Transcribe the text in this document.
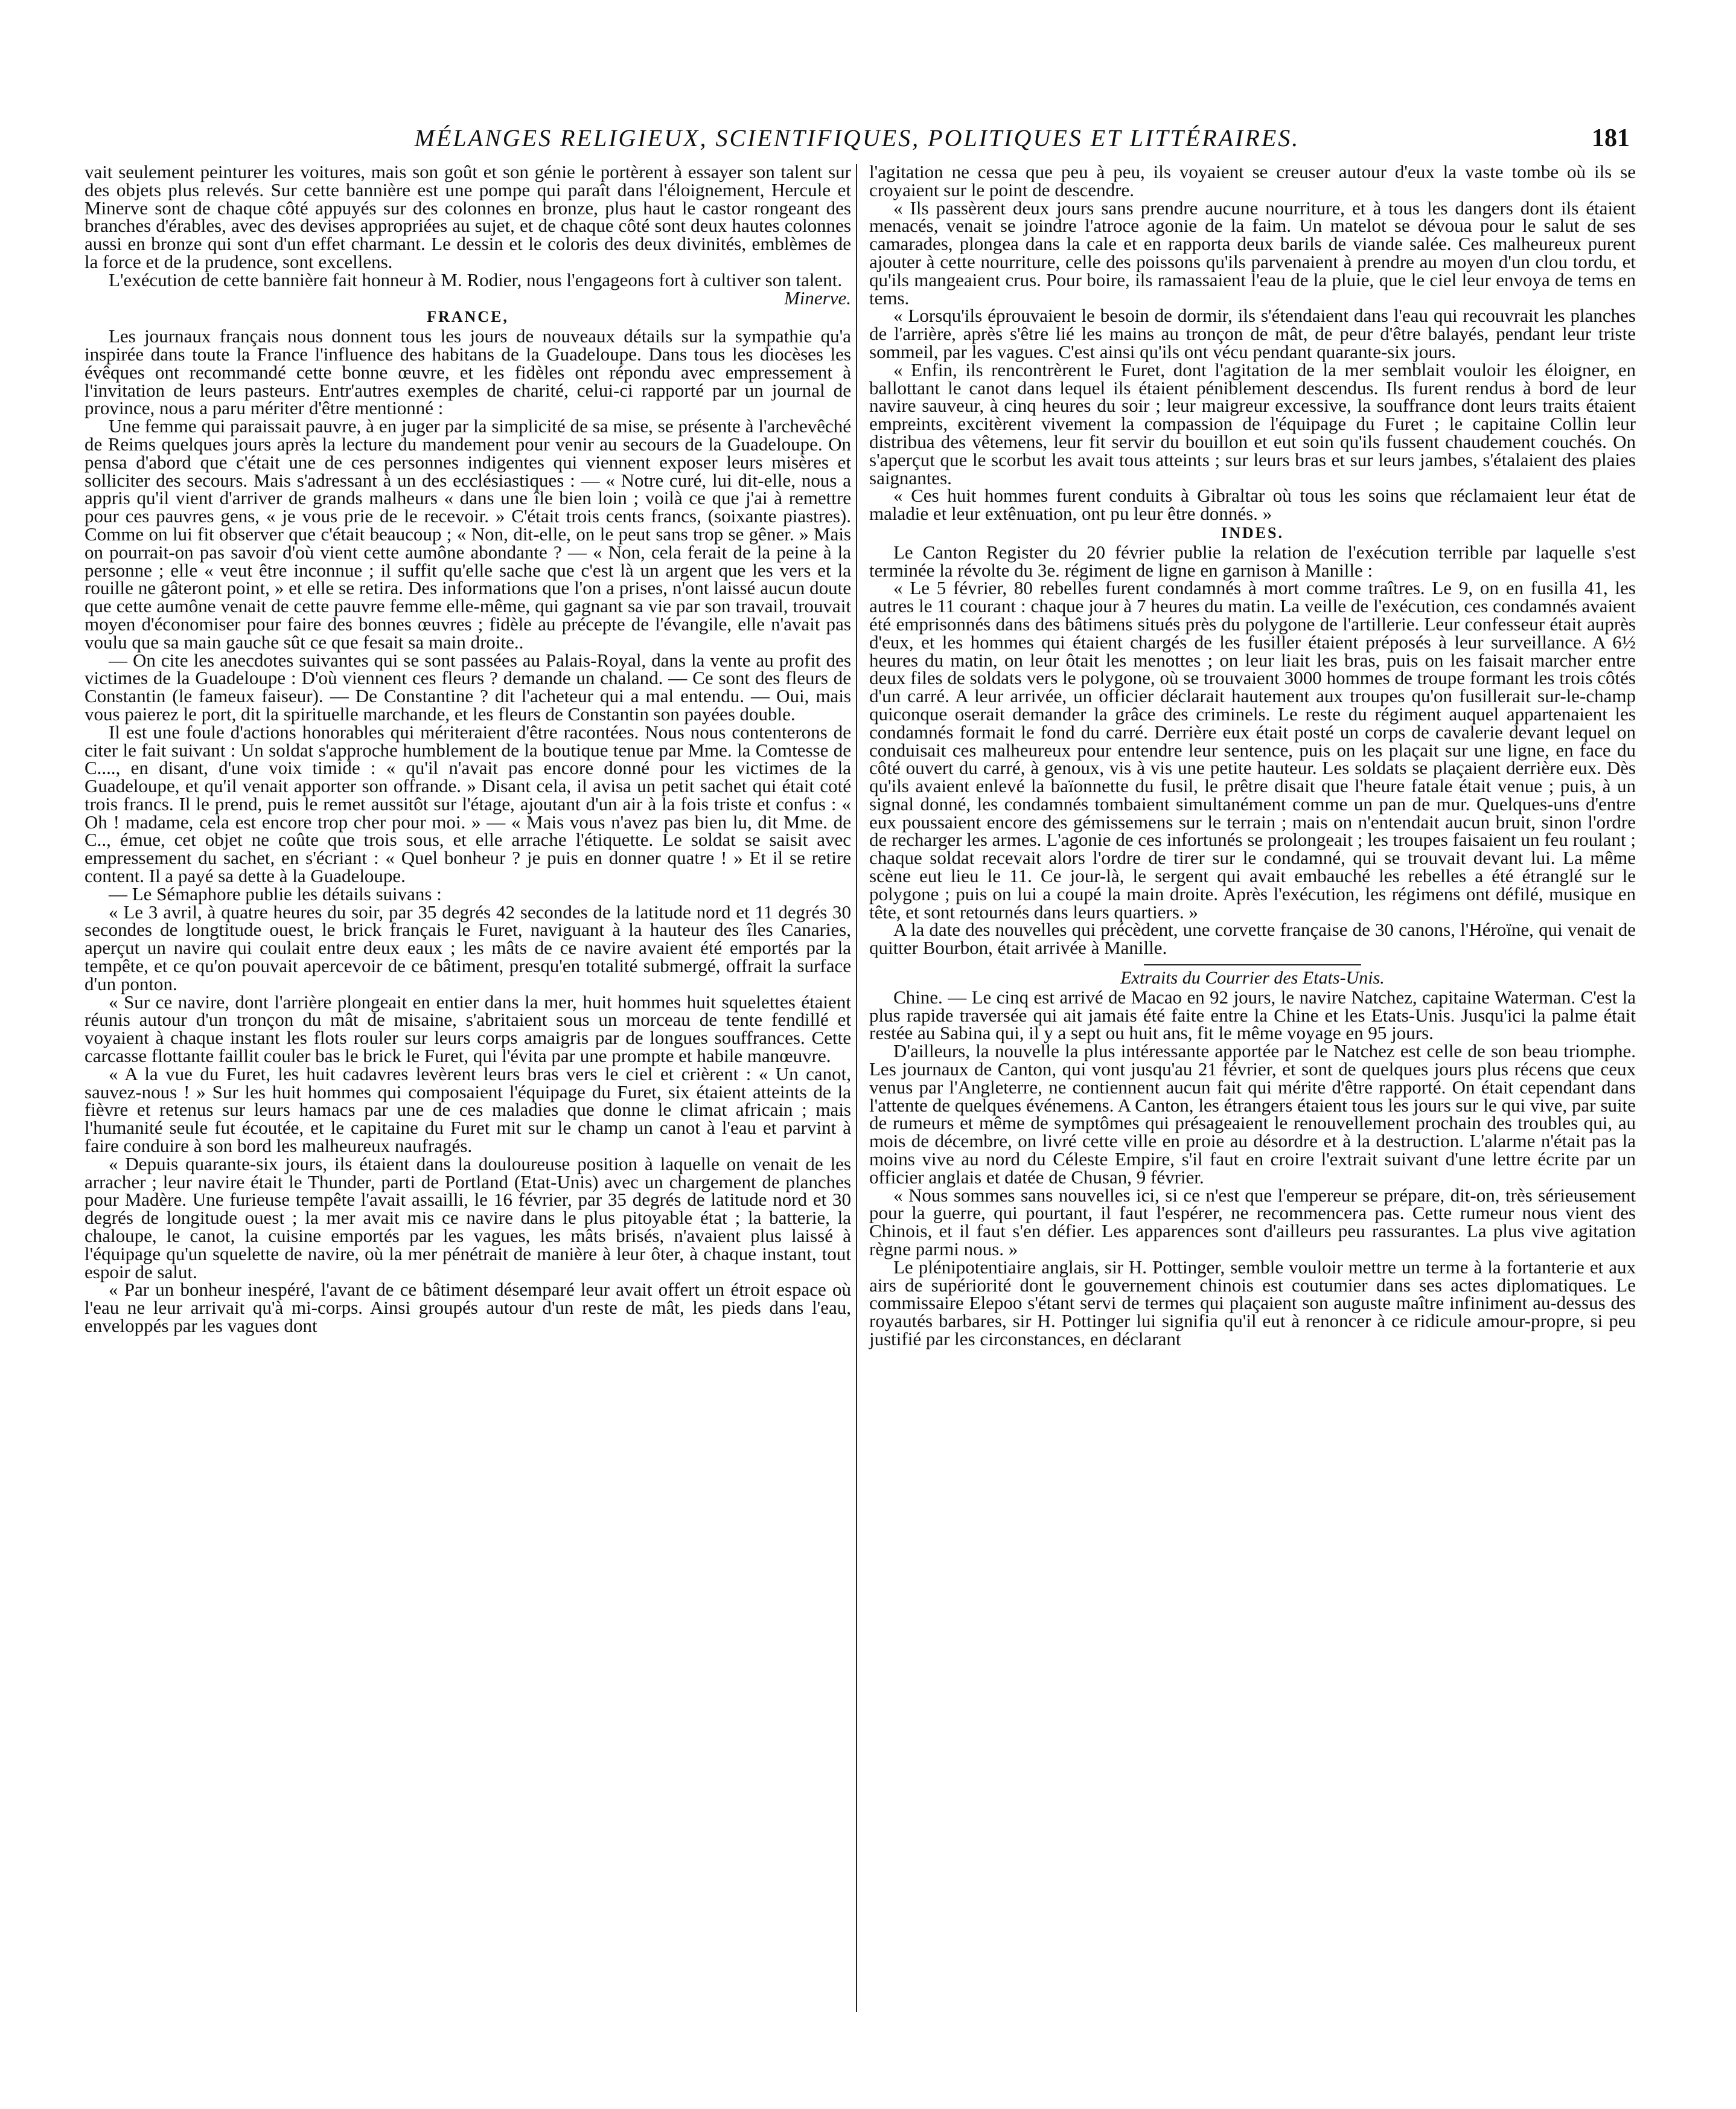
MÉLANGES RELIGIEUX, SCIENTIFIQUES, POLITIQUES ET LITTÉRAIRES.	181

vait seulement peinturer les voitures, mais son goût et son génie le portèrent à essayer son talent sur des objets plus relevés. Sur cette bannière est une pompe qui paraît dans l'éloignement, Hercule et Minerve sont de chaque côté appuyés sur des colonnes en bronze, plus haut le castor rongeant des branches d'érables, avec des devises appropriées au sujet, et de chaque côté sont deux hautes colonnes aussi en bronze qui sont d'un effet charmant. Le dessin et le coloris des deux divinités, emblèmes de la force et de la prudence, sont excellens.

L'exécution de cette bannière fait honneur à M. Rodier, nous l'engageons fort à cultiver son talent.

Minerve.

FRANCE,

Les journaux français nous donnent tous les jours de nouveaux détails sur la sympathie qu'a inspirée dans toute la France l'influence des habitans de la Guadeloupe. Dans tous les diocèses les évêques ont recommandé cette bonne œuvre, et les fidèles ont répondu avec empressement à l'invitation de leurs pasteurs. Entr'autres exemples de charité, celui-ci rapporté par un journal de province, nous a paru mériter d'être mentionné :

Une femme qui paraissait pauvre, à en juger par la simplicité de sa mise, se présente à l'archevêché de Reims quelques jours après la lecture du mandement pour venir au secours de la Guadeloupe. On pensa d'abord que c'était une de ces personnes indigentes qui viennent exposer leurs misères et solliciter des secours. Mais s'adressant à un des ecclésiastiques : — « Notre curé, lui dit-elle, nous a appris qu'il vient d'arriver de grands malheurs « dans une île bien loin ; voilà ce que j'ai à remettre pour ces pauvres gens, « je vous prie de le recevoir. » C'était trois cents francs, (soixante piastres). Comme on lui fit observer que c'était beaucoup ; « Non, dit-elle, on le peut sans trop se gêner. » Mais on pourrait-on pas savoir d'où vient cette aumône abondante ? — « Non, cela ferait de la peine à la personne ; elle « veut être inconnue ; il suffit qu'elle sache que c'est là un argent que les vers et la rouille ne gâteront point, » et elle se retira. Des informations que l'on a prises, n'ont laissé aucun doute que cette aumône venait de cette pauvre femme elle-même, qui gagnant sa vie par son travail, trouvait moyen d'économiser pour faire des bonnes œuvres ; fidèle au précepte de l'évangile, elle n'avait pas voulu que sa main gauche sût ce que fesait sa main droite..

— On cite les anecdotes suivantes qui se sont passées au Palais-Royal, dans la vente au profit des victimes de la Guadeloupe : D'où viennent ces fleurs ? demande un chaland. — Ce sont des fleurs de Constantin (le fameux faiseur). — De Constantine ? dit l'acheteur qui a mal entendu. — Oui, mais vous paierez le port, dit la spirituelle marchande, et les fleurs de Constantin son payées double.

Il est une foule d'actions honorables qui mériteraient d'être racontées. Nous nous contenterons de citer le fait suivant : Un soldat s'approche humblement de la boutique tenue par Mme. la Comtesse de C...., en disant, d'une voix timide : « qu'il n'avait pas encore donné pour les victimes de la Guadeloupe, et qu'il venait apporter son offrande. » Disant cela, il avisa un petit sachet qui était coté trois francs. Il le prend, puis le remet aussitôt sur l'étage, ajoutant d'un air à la fois triste et confus : « Oh ! madame, cela est encore trop cher pour moi. » — « Mais vous n'avez pas bien lu, dit Mme. de C.., émue, cet objet ne coûte que trois sous, et elle arrache l'étiquette. Le soldat se saisit avec empressement du sachet, en s'écriant : « Quel bonheur ? je puis en donner quatre ! » Et il se retire content. Il a payé sa dette à la Guadeloupe.

— Le Sémaphore publie les détails suivans :

« Le 3 avril, à quatre heures du soir, par 35 degrés 42 secondes de la latitude nord et 11 degrés 30 secondes de longtitude ouest, le brick français le Furet, naviguant à la hauteur des îles Canaries, aperçut un navire qui coulait entre deux eaux ; les mâts de ce navire avaient été emportés par la tempête, et ce qu'on pouvait apercevoir de ce bâtiment, presqu'en totalité submergé, offrait la surface d'un ponton.

« Sur ce navire, dont l'arrière plongeait en entier dans la mer, huit hommes huit squelettes étaient réunis autour d'un tronçon du mât de misaine, s'abritaient sous un morceau de tente fendillé et voyaient à chaque instant les flots rouler sur leurs corps amaigris par de longues souffrances. Cette carcasse flottante faillit couler bas le brick le Furet, qui l'évita par une prompte et habile manœuvre.

« A la vue du Furet, les huit cadavres levèrent leurs bras vers le ciel et crièrent : « Un canot, sauvez-nous ! » Sur les huit hommes qui composaient l'équipage du Furet, six étaient atteints de la fièvre et retenus sur leurs hamacs par une de ces maladies que donne le climat africain ; mais l'humanité seule fut écoutée, et le capitaine du Furet mit sur le champ un canot à l'eau et parvint à faire conduire à son bord les malheureux naufragés.

« Depuis quarante-six jours, ils étaient dans la douloureuse position à laquelle on venait de les arracher ; leur navire était le Thunder, parti de Portland (Etat-Unis) avec un chargement de planches pour Madère. Une furieuse tempête l'avait assailli, le 16 février, par 35 degrés de latitude nord et 30 degrés de longitude ouest ; la mer avait mis ce navire dans le plus pitoyable état ; la batterie, la chaloupe, le canot, la cuisine emportés par les vagues, les mâts brisés, n'avaient plus laissé à l'équipage qu'un squelette de navire, où la mer pénétrait de manière à leur ôter, à chaque instant, tout espoir de salut.

« Par un bonheur inespéré, l'avant de ce bâtiment désemparé leur avait offert un étroit espace où l'eau ne leur arrivait qu'à mi-corps. Ainsi groupés autour d'un reste de mât, les pieds dans l'eau, enveloppés par les vagues dont

l'agitation ne cessa que peu à peu, ils voyaient se creuser autour d'eux la vaste tombe où ils se croyaient sur le point de descendre.

« Ils passèrent deux jours sans prendre aucune nourriture, et à tous les dangers dont ils étaient menacés, venait se joindre l'atroce agonie de la faim. Un matelot se dévoua pour le salut de ses camarades, plongea dans la cale et en rapporta deux barils de viande salée. Ces malheureux purent ajouter à cette nourriture, celle des poissons qu'ils parvenaient à prendre au moyen d'un clou tordu, et qu'ils mangeaient crus. Pour boire, ils ramassaient l'eau de la pluie, que le ciel leur envoya de tems en tems.

« Lorsqu'ils éprouvaient le besoin de dormir, ils s'étendaient dans l'eau qui recouvrait les planches de l'arrière, après s'être lié les mains au tronçon de mât, de peur d'être balayés, pendant leur triste sommeil, par les vagues. C'est ainsi qu'ils ont vécu pendant quarante-six jours.

« Enfin, ils rencontrèrent le Furet, dont l'agitation de la mer semblait vouloir les éloigner, en ballottant le canot dans lequel ils étaient péniblement descendus. Ils furent rendus à bord de leur navire sauveur, à cinq heures du soir ; leur maigreur excessive, la souffrance dont leurs traits étaient empreints, excitèrent vivement la compassion de l'équipage du Furet ; le capitaine Collin leur distribua des vêtemens, leur fit servir du bouillon et eut soin qu'ils fussent chaudement couchés. On s'aperçut que le scorbut les avait tous atteints ; sur leurs bras et sur leurs jambes, s'étalaient des plaies saignantes.

« Ces huit hommes furent conduits à Gibraltar où tous les soins que réclamaient leur état de maladie et leur extênuation, ont pu leur être donnés. »

INDES.

Le Canton Register du 20 février publie la relation de l'exécution terrible par laquelle s'est terminée la révolte du 3e. régiment de ligne en garnison à Manille :

« Le 5 février, 80 rebelles furent condamnés à mort comme traîtres. Le 9, on en fusilla 41, les autres le 11 courant : chaque jour à 7 heures du matin. La veille de l'exécution, ces condamnés avaient été emprisonnés dans des bâtimens situés près du polygone de l'artillerie. Leur confesseur était auprès d'eux, et les hommes qui étaient chargés de les fusiller étaient préposés à leur surveillance. A 6½ heures du matin, on leur ôtait les menottes ; on leur liait les bras, puis on les faisait marcher entre deux files de soldats vers le polygone, où se trouvaient 3000 hommes de troupe formant les trois côtés d'un carré. A leur arrivée, un officier déclarait hautement aux troupes qu'on fusillerait sur-le-champ quiconque oserait demander la grâce des criminels. Le reste du régiment auquel appartenaient les condamnés formait le fond du carré. Derrière eux était posté un corps de cavalerie devant lequel on conduisait ces malheureux pour entendre leur sentence, puis on les plaçait sur une ligne, en face du côté ouvert du carré, à genoux, vis à vis une petite hauteur. Les soldats se plaçaient derrière eux. Dès qu'ils avaient enlevé la baïonnette du fusil, le prêtre disait que l'heure fatale était venue ; puis, à un signal donné, les condamnés tombaient simultanément comme un pan de mur. Quelques-uns d'entre eux poussaient encore des gémissemens sur le terrain ; mais on n'entendait aucun bruit, sinon l'ordre de recharger les armes. L'agonie de ces infortunés se prolongeait ; les troupes faisaient un feu roulant ; chaque soldat recevait alors l'ordre de tirer sur le condamné, qui se trouvait devant lui. La même scène eut lieu le 11. Ce jour-là, le sergent qui avait embauché les rebelles a été étranglé sur le polygone ; puis on lui a coupé la main droite. Après l'exécution, les régimens ont défilé, musique en tête, et sont retournés dans leurs quartiers. »

A la date des nouvelles qui précèdent, une corvette française de 30 canons, l'Héroïne, qui venait de quitter Bourbon, était arrivée à Manille.

Extraits du Courrier des Etats-Unis.

Chine. — Le cinq est arrivé de Macao en 92 jours, le navire Natchez, capitaine Waterman. C'est la plus rapide traversée qui ait jamais été faite entre la Chine et les Etats-Unis. Jusqu'ici la palme était restée au Sabina qui, il y a sept ou huit ans, fit le même voyage en 95 jours.

D'ailleurs, la nouvelle la plus intéressante apportée par le Natchez est celle de son beau triomphe. Les journaux de Canton, qui vont jusqu'au 21 février, et sont de quelques jours plus récens que ceux venus par l'Angleterre, ne contiennent aucun fait qui mérite d'être rapporté. On était cependant dans l'attente de quelques événemens. A Canton, les étrangers étaient tous les jours sur le qui vive, par suite de rumeurs et même de symptômes qui présageaient le renouvellement prochain des troubles qui, au mois de décembre, on livré cette ville en proie au désordre et à la destruction. L'alarme n'était pas la moins vive au nord du Céleste Empire, s'il faut en croire l'extrait suivant d'une lettre écrite par un officier anglais et datée de Chusan, 9 février.

« Nous sommes sans nouvelles ici, si ce n'est que l'empereur se prépare, dit-on, très sérieusement pour la guerre, qui pourtant, il faut l'espérer, ne recommencera pas. Cette rumeur nous vient des Chinois, et il faut s'en défier. Les apparences sont d'ailleurs peu rassurantes. La plus vive agitation règne parmi nous. »

Le plénipotentiaire anglais, sir H. Pottinger, semble vouloir mettre un terme à la fortanterie et aux airs de supériorité dont le gouvernement chinois est coutumier dans ses actes diplomatiques. Le commissaire Elepoo s'étant servi de termes qui plaçaient son auguste maître infiniment au-dessus des royautés barbares, sir H. Pottinger lui signifia qu'il eut à renoncer à ce ridicule amour-propre, si peu justifié par les circonstances, en déclarant
